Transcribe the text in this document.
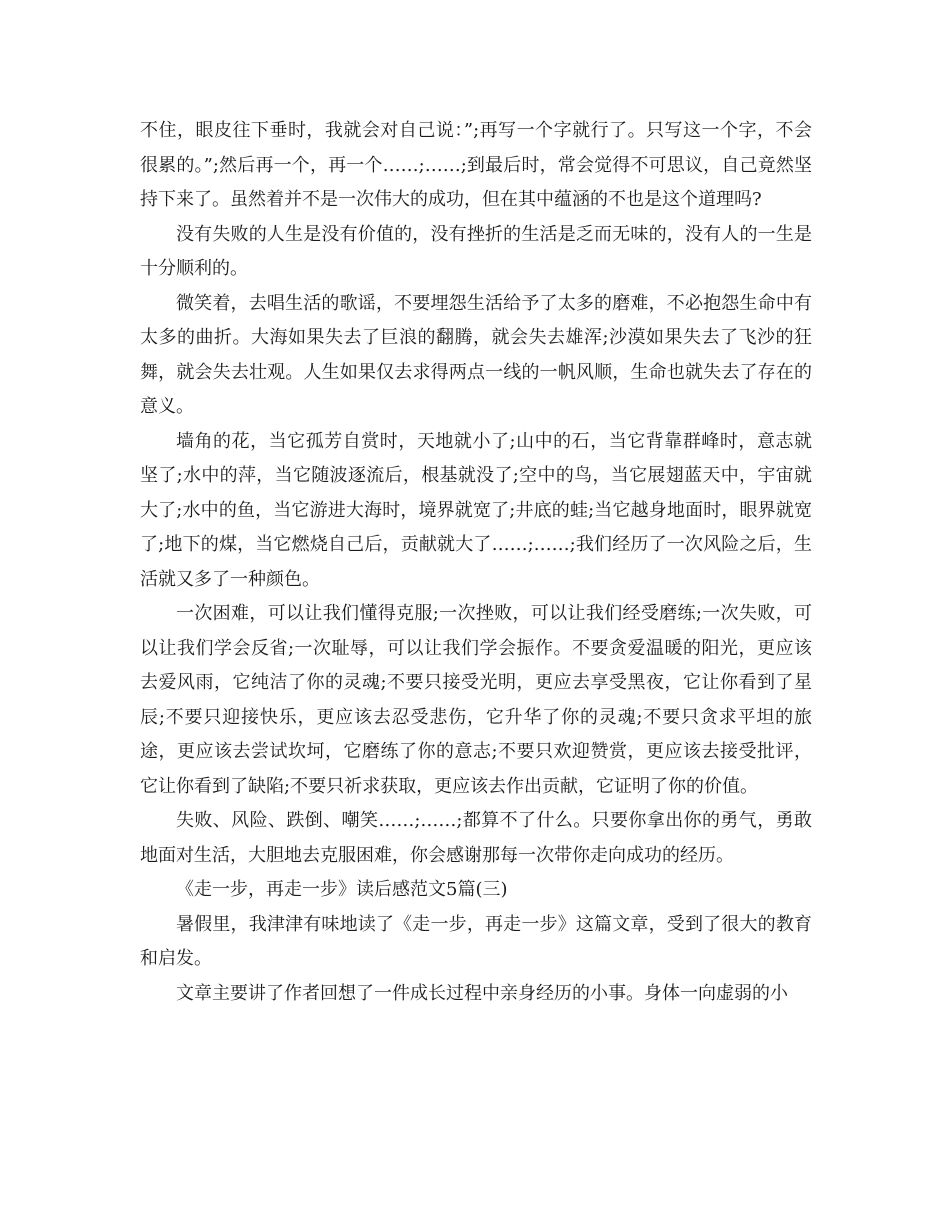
不住，眼皮往下垂时，我就会对自己说：”;再写一个字就行了。只写这一个字，不会很累的。”;然后再一个，再一个……;……;到最后时，常会觉得不可思议，自己竟然坚持下来了。虽然着并不是一次伟大的成功，但在其中蕴涵的不也是这个道理吗?

没有失败的人生是没有价值的，没有挫折的生活是乏而无味的，没有人的一生是十分顺利的。

微笑着，去唱生活的歌谣，不要埋怨生活给予了太多的磨难，不必抱怨生命中有太多的曲折。大海如果失去了巨浪的翻腾，就会失去雄浑;沙漠如果失去了飞沙的狂舞，就会失去壮观。人生如果仅去求得两点一线的一帆风顺，生命也就失去了存在的意义。

墙角的花，当它孤芳自赏时，天地就小了;山中的石，当它背靠群峰时，意志就坚了;水中的萍，当它随波逐流后，根基就没了;空中的鸟，当它展翅蓝天中，宇宙就大了;水中的鱼，当它游进大海时，境界就宽了;井底的蛙;当它越身地面时，眼界就宽了;地下的煤，当它燃烧自己后，贡献就大了……;……;我们经历了一次风险之后，生活就又多了一种颜色。

一次困难，可以让我们懂得克服;一次挫败，可以让我们经受磨练;一次失败，可以让我们学会反省;一次耻辱，可以让我们学会振作。不要贪爱温暖的阳光，更应该去爱风雨，它纯洁了你的灵魂;不要只接受光明，更应去享受黑夜，它让你看到了星辰;不要只迎接快乐，更应该去忍受悲伤，它升华了你的灵魂;不要只贪求平坦的旅途，更应该去尝试坎坷，它磨练了你的意志;不要只欢迎赞赏，更应该去接受批评，它让你看到了缺陷;不要只祈求获取，更应该去作出贡献，它证明了你的价值。

失败、风险、跌倒、嘲笑……;……;都算不了什么。只要你拿出你的勇气，勇敢地面对生活，大胆地去克服困难，你会感谢那每一次带你走向成功的经历。

《走一步，再走一步》读后感范文5篇(三)

暑假里，我津津有味地读了《走一步，再走一步》这篇文章，受到了很大的教育和启发。

文章主要讲了作者回想了一件成长过程中亲身经历的小事。身体一向虚弱的小
